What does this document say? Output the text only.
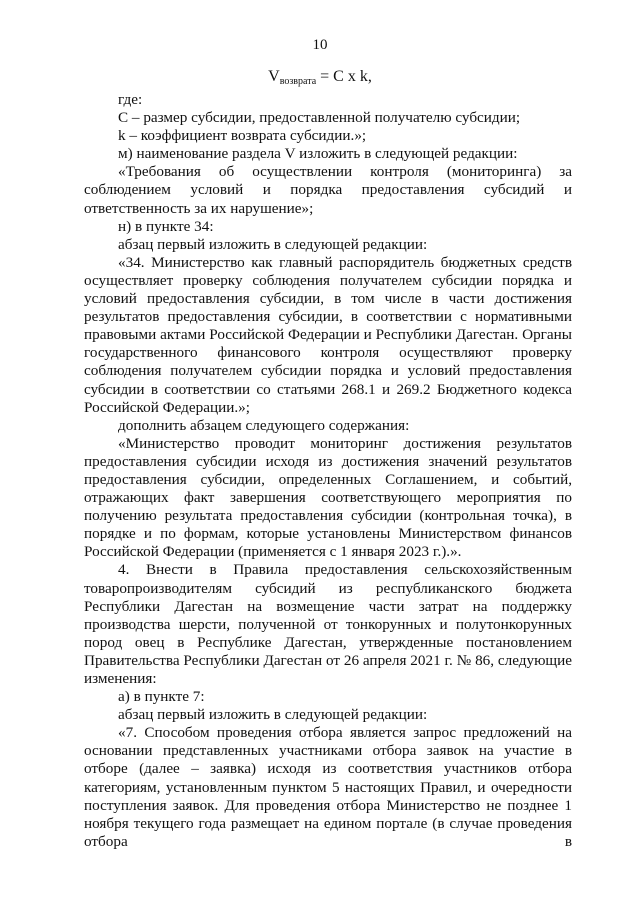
10
$V_{возврата} = C$ x k,

где:

С – размер субсидии, предоставленной получателю субсидии;

k – коэффициент возврата субсидии.»;

м) наименование раздела V изложить в следующей редакции:

«Требования об осуществлении контроля (мониторинга) за соблюдением условий и порядка предоставления субсидий и ответственность за их нарушение»;

н) в пункте 34:

абзац первый изложить в следующей редакции:

«34. Министерство как главный распорядитель бюджетных средств осуществляет проверку соблюдения получателем субсидии порядка и условий предоставления субсидии, в том числе в части достижения результатов предоставления субсидии, в соответствии с нормативными правовыми актами Российской Федерации и Республики Дагестан. Органы государственного финансового контроля осуществляют проверку соблюдения получателем субсидии порядка и условий предоставления субсидии в соответствии со статьями 268.1 и 269.2 Бюджетного кодекса Российской Федерации.»;

дополнить абзацем следующего содержания:

«Министерство проводит мониторинг достижения результатов предоставления субсидии исходя из достижения значений результатов предоставления субсидии, определенных Соглашением, и событий, отражающих факт завершения соответствующего мероприятия по получению результата предоставления субсидии (контрольная точка), в порядке и по формам, которые установлены Министерством финансов Российской Федерации (применяется с 1 января 2023 г.).».

4. Внести в Правила предоставления сельскохозяйственным товаропроизводителям субсидий из республиканского бюджета Республики Дагестан на возмещение части затрат на поддержку производства шерсти, полученной от тонкорунных и полутонкорунных пород овец в Республике Дагестан, утвержденные постановлением Правительства Республики Дагестан от 26 апреля 2021 г. № 86, следующие изменения:

а) в пункте 7:

абзац первый изложить в следующей редакции:

«7. Способом проведения отбора является запрос предложений на основании представленных участниками отбора заявок на участие в отборе (далее – заявка) исходя из соответствия участников отбора категориям, установленным пунктом 5 настоящих Правил, и очередности поступления заявок. Для проведения отбора Министерство не позднее 1 ноября текущего года размещает на едином портале (в случае проведения отбора в
